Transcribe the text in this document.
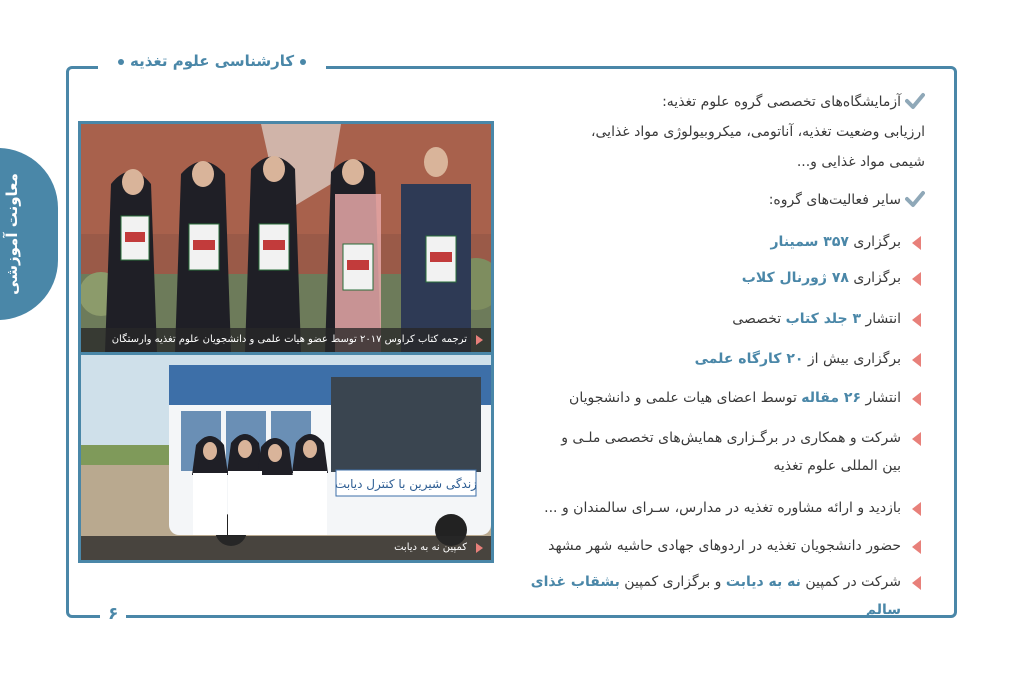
کارشناسی علوم تغذیه
معاونت آموزشی
۶
ترجمه کتاب کراوس ۲۰۱۷ توسط عضو هیات علمی و دانشجویان علوم تغذیه وارستگان
زندگی شیرین با کنترل دیابت
کمپین نه به دیابت
آزمایشگاه‌های تخصصی گروه علوم تغذیه:
ارزیابی وضعیت تغذیه، آناتومی، میکروبیولوژی مواد غذایی،
شیمی مواد غذایی و...
سایر فعالیت‌های گروه:
برگزاری ۳۵۷ سمینار
برگزاری ۷۸ ژورنال کلاب
انتشار ۳ جلد کتاب تخصصی
برگزاری بیش از ۲۰ کارگاه علمی
انتشار ۲۶ مقاله توسط اعضای هیات علمی و دانشجویان
شرکت و همکاری در برگـزاری همایش‌های تخصصی ملـی و
بین المللی علوم تغذیه
بازدید و ارائه مشاوره تغذیه در مدارس، سـرای سالمندان و ...
حضور دانشجویان تغذیه در اردوهای جهادی حاشیه شهر مشهد
شرکت در کمپین نه به دیابت و برگزاری کمپین بشقاب غذای سالم
